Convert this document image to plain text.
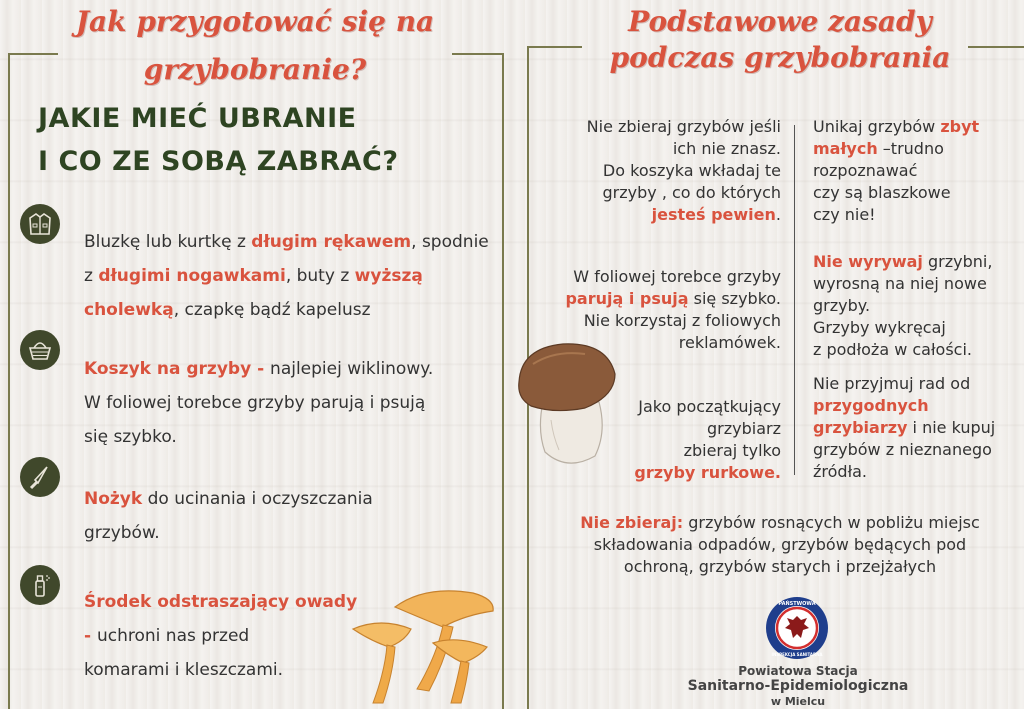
Jak przygotować się na
grzybobranie?
JAKIE MIEĆ UBRANIE
I CO ZE SOBĄ ZABRAĆ?
Bluzkę lub kurtkę z długim rękawem, spodnie
z długimi nogawkami, buty z wyższą
cholewką, czapkę bądź kapelusz
Koszyk na grzyby - najlepiej wiklinowy.
W foliowej torebce grzyby parują i psują
się szybko.
Nożyk do ucinania i oczyszczania
grzybów.
Środek odstraszający owady
- uchroni nas przed
komarami i kleszczami.
Podstawowe zasady
podczas grzybobrania
Nie zbieraj grzybów jeśli
ich nie znasz.
Do koszyka wkładaj te
grzyby , co do których
jesteś pewien.
W foliowej torebce grzyby
parują i psują się szybko.
Nie korzystaj z foliowych
reklamówek.
Jako początkujący
grzybiarz
zbieraj tylko
grzyby rurkowe.
Unikaj grzybów zbyt
małych –trudno
rozpoznawać
czy są blaszkowe
czy nie!
Nie wyrywaj grzybni,
wyrosną na niej nowe
grzyby.
Grzyby wykręcaj
z podłoża w całości.
Nie przyjmuj rad od
przygodnych
grzybiarzy i nie kupuj
grzybów z nieznanego
źródła.
Nie zbieraj: grzybów rosnących w pobliżu miejsc
składowania odpadów, grzybów będących pod
ochroną, grzybów starych i przejżałych
PAŃSTWOWA
INSPEKCJA SANITARNA
Powiatowa Stacja
Sanitarno-Epidemiologiczna
w Mielcu
